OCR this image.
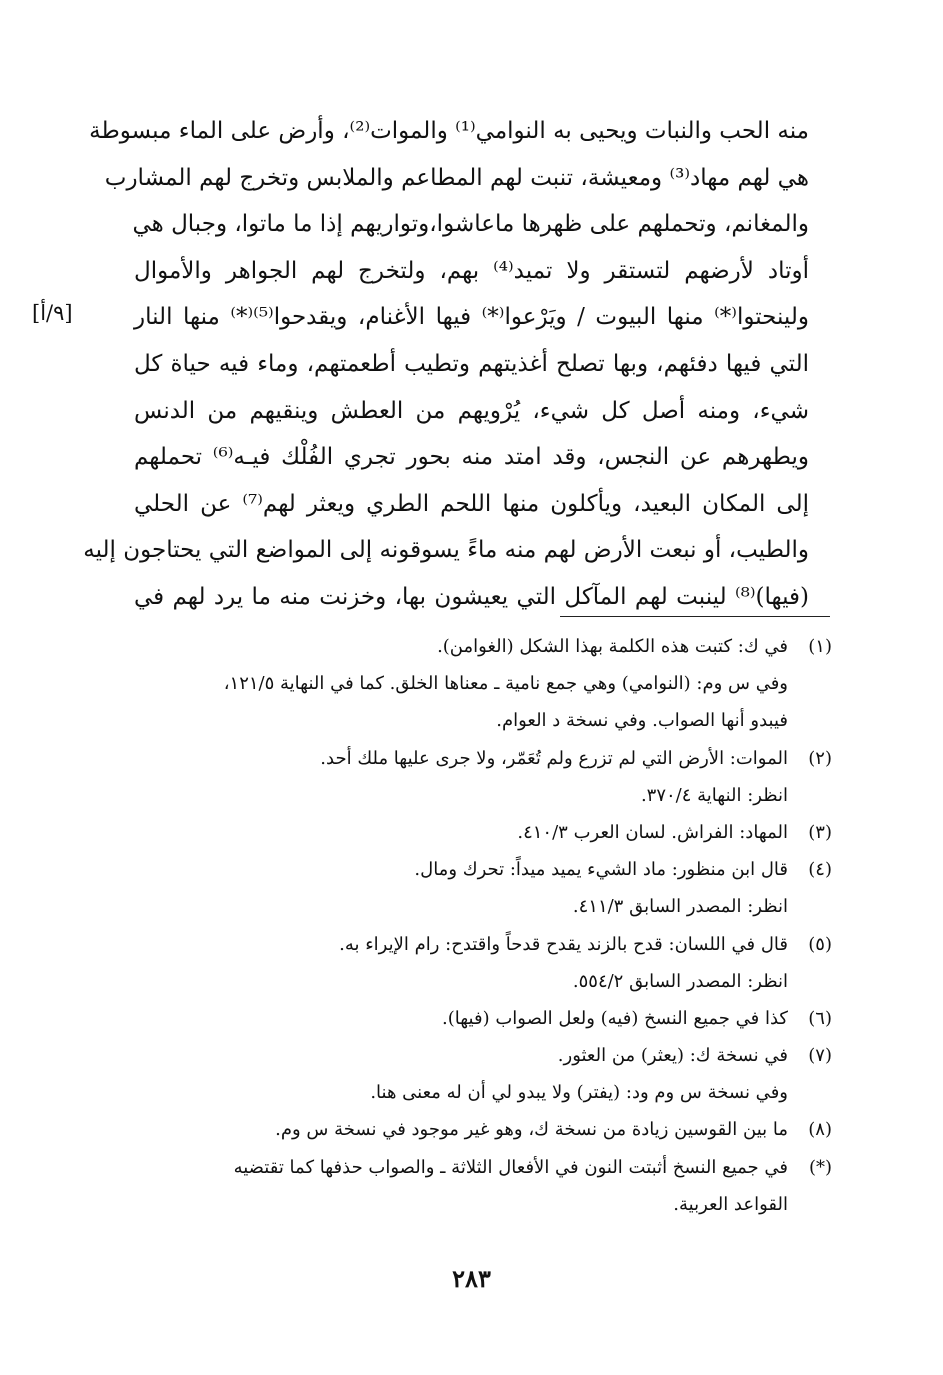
منه الحب والنبات ويحيى به النوامي⁽¹⁾ والموات⁽²⁾، وأرض على الماء مبسوطة
هي لهم مهاد⁽³⁾ ومعيشة، تنبت لهم المطاعم والملابس وتخرج لهم المشارب
والمغانم، وتحملهم على ظهرها ماعاشوا،وتواريهم إذا ما ماتوا، وجبال هي
أوتاد لأرضهم لتستقر ولا تميد⁽⁴⁾ بهم، ولتخرج لهم الجواهر والأموال
ولينحتوا⁽*⁾ منها البيوت / ويَرْعوا⁽*⁾ فيها الأغنام، ويقدحوا⁽⁵⁾⁽*⁾ منها النار
التي فيها دفئهم، وبها تصلح أغذيتهم وتطيب أطعمتهم، وماء فيه حياة كل
شيء، ومنه أصل كل شيء، يُرْويهم من العطش وينقيهم من الدنس
ويطهرهم عن النجس، وقد امتد منه بحور تجري الفُلْك فيـه⁽⁶⁾ تحملهم
إلى المكان البعيد، ويأكلون منها اللحم الطري ويعثر لهم⁽⁷⁾ عن الحلي
والطيب، أو نبعت الأرض لهم منه ماءً يسوقونه إلى المواضع التي يحتاجون إليه
(فيها)⁽⁸⁾ لينبت لهم المآكل التي يعيشون بها، وخزنت منه ما يرد لهم في
[٩/أ]
(١)
في ك: كتبت هذه الكلمة بهذا الشكل (الغوامن).
وفي س وم: (النوامي) وهي جمع نامية ـ معناها الخلق. كما في النهاية ١٢١/٥،
فيبدو أنها الصواب. وفي نسخة د العوام.
(٢)
الموات: الأرض التي لم تزرع ولم تُعَمّر، ولا جرى عليها ملك أحد.
انظر: النهاية ٣٧٠/٤.
(٣)
المهاد: الفراش. لسان العرب ٤١٠/٣.
(٤)
قال ابن منظور: ماد الشيء يميد ميداً: تحرك ومال.
انظر: المصدر السابق ٤١١/٣.
(٥)
قال في اللسان: قدح بالزند يقدح قدحاً واقتدح: رام الإيراء به.
انظر: المصدر السابق ٥٥٤/٢.
(٦)
كذا في جميع النسخ (فيه) ولعل الصواب (فيها).
(٧)
في نسخة ك: (يعثر) من العثور.
وفي نسخة س وم ود: (يفتر) ولا يبدو لي أن له معنى هنا.
(٨)
ما بين القوسين زيادة من نسخة ك، وهو غير موجود في نسخة س وم.
(*)
في جميع النسخ أثبتت النون في الأفعال الثلاثة ـ والصواب حذفها كما تقتضيه
القواعد العربية.
٢٨٣
